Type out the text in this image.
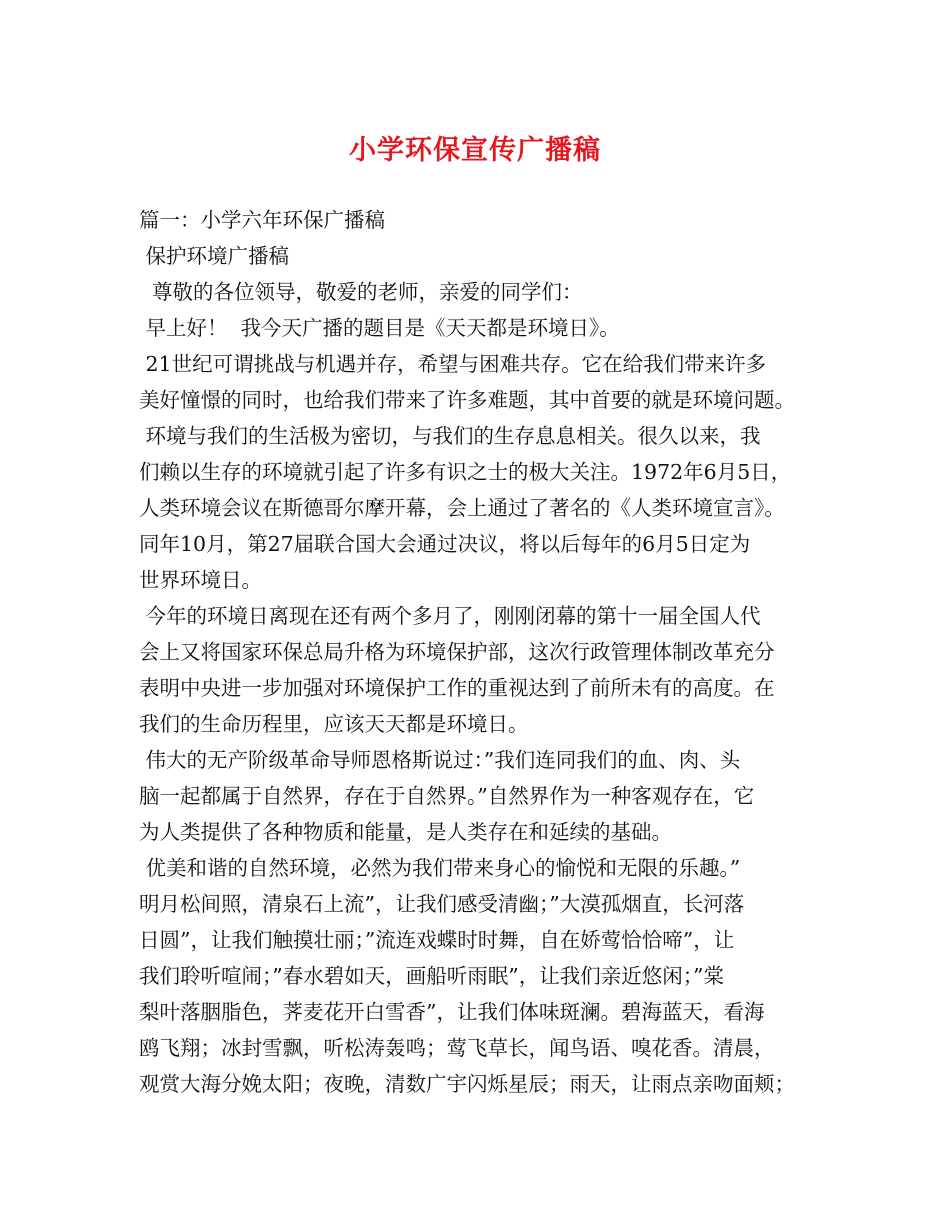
小学环保宣传广播稿
篇一：小学六年环保广播稿
保护环境广播稿
尊敬的各位领导，敬爱的老师，亲爱的同学们：
早上好！  我今天广播的题目是《天天都是环境日》。
21世纪可谓挑战与机遇并存，希望与困难共存。它在给我们带来许多
美好憧憬的同时，也给我们带来了许多难题，其中首要的就是环境问题。
环境与我们的生活极为密切，与我们的生存息息相关。很久以来，我
们赖以生存的环境就引起了许多有识之士的极大关注。1972年6月5日，
人类环境会议在斯德哥尔摩开幕，会上通过了著名的《人类环境宣言》。
同年10月，第27届联合国大会通过决议，将以后每年的6月5日定为
世界环境日。
今年的环境日离现在还有两个多月了，刚刚闭幕的第十一届全国人代
会上又将国家环保总局升格为环境保护部，这次行政管理体制改革充分
表明中央进一步加强对环境保护工作的重视达到了前所未有的高度。在
我们的生命历程里，应该天天都是环境日。
伟大的无产阶级革命导师恩格斯说过：”我们连同我们的血、肉、头
脑一起都属于自然界，存在于自然界。”自然界作为一种客观存在，它
为人类提供了各种物质和能量，是人类存在和延续的基础。
优美和谐的自然环境，必然为我们带来身心的愉悦和无限的乐趣。”
明月松间照，清泉石上流”，让我们感受清幽；”大漠孤烟直，长河落
日圆”，让我们触摸壮丽；”流连戏蝶时时舞，自在娇莺恰恰啼”，让
我们聆听喧闹；”春水碧如天，画船听雨眠”，让我们亲近悠闲；”棠
梨叶落胭脂色，荠麦花开白雪香”，让我们体味斑澜。碧海蓝天，看海
鸥飞翔；冰封雪飘，听松涛轰鸣；莺飞草长，闻鸟语、嗅花香。清晨，
观赏大海分娩太阳；夜晚，清数广宇闪烁星辰；雨天，让雨点亲吻面颊；
